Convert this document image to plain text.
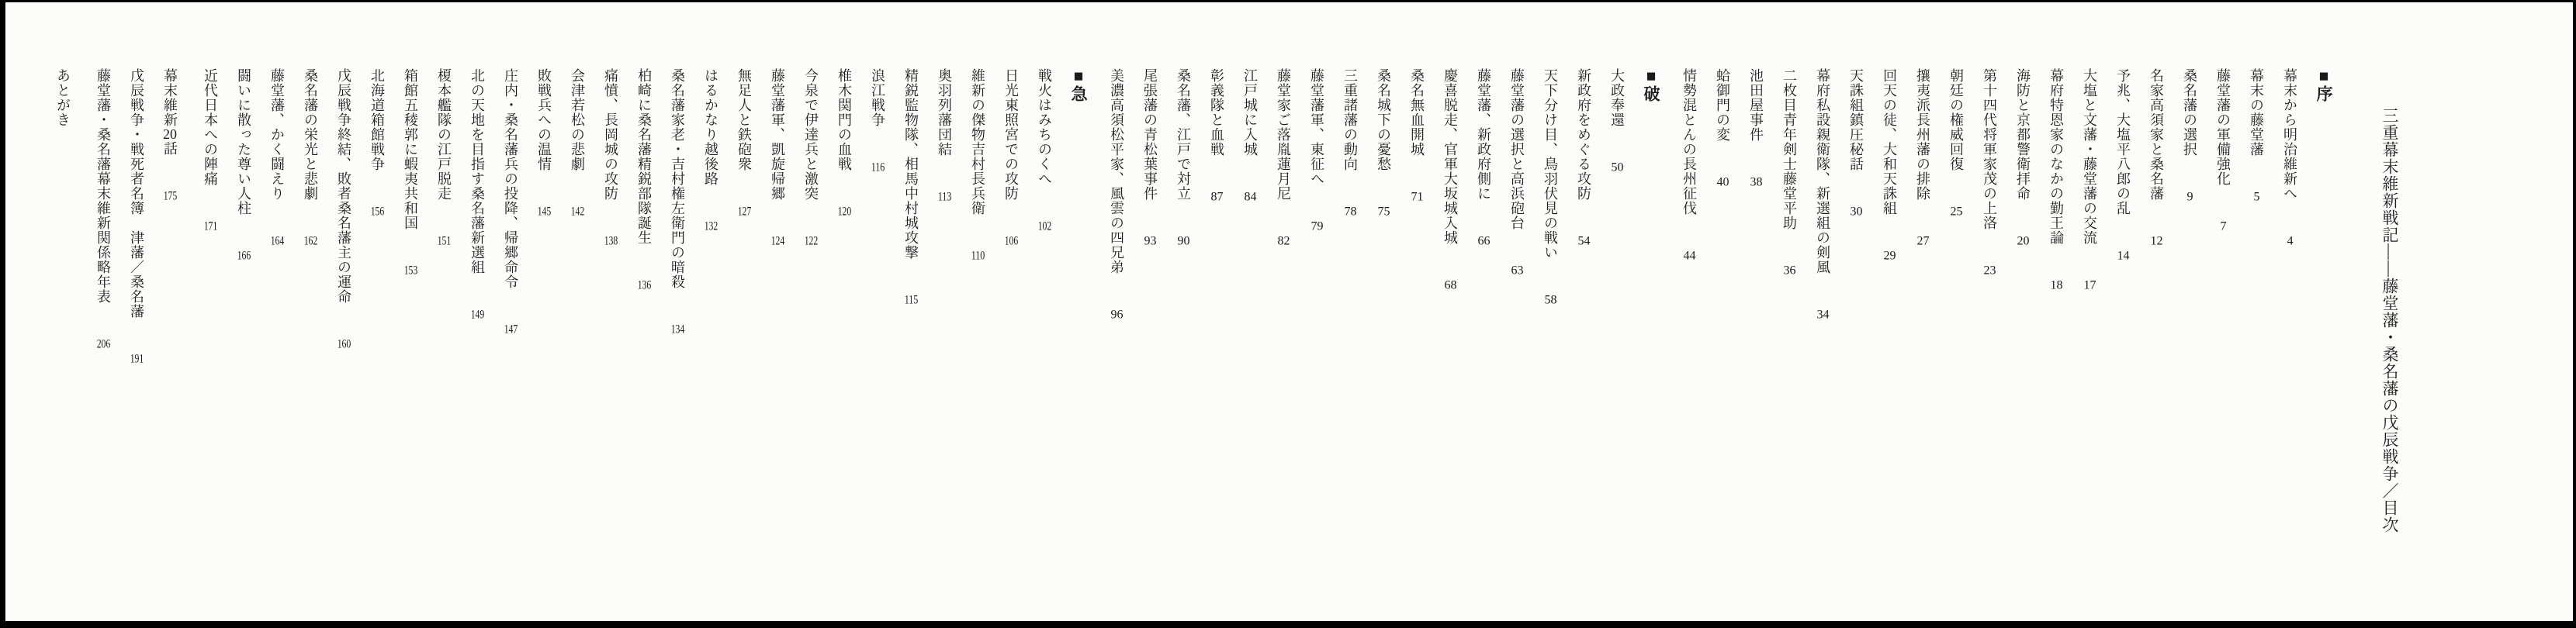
三重幕末維新戦記――藤堂藩・桑名藩の戊辰戦争／目次
■序
幕末から明治維新へ4
幕末の藤堂藩5
藤堂藩の軍備強化7
桑名藩の選択9
名家高須家と桑名藩12
予兆、大塩平八郎の乱14
大塩と文藩・藤堂藩の交流17
幕府特恩家のなかの勤王論18
海防と京都警衛拝命20
第十四代将軍家茂の上洛23
朝廷の権威回復25
攘夷派長州藩の排除27
回天の徒、大和天誅組29
天誅組鎮圧秘話30
幕府私設親衛隊、新選組の剣風34
二枚目青年剣士藤堂平助36
池田屋事件38
蛤御門の変40
情勢混とんの長州征伐44
■破
大政奉還50
新政府をめぐる攻防54
天下分け目、鳥羽伏見の戦い58
藤堂藩の選択と高浜砲台63
藤堂藩、新政府側に66
慶喜脱走、官軍大坂城入城68
桑名無血開城71
桑名城下の憂愁75
三重諸藩の動向78
藤堂藩軍、東征へ79
藤堂家ご落胤蓮月尼82
江戸城に入城84
彰義隊と血戦87
桑名藩、江戸で対立90
尾張藩の青松葉事件93
美濃高須松平家、風雲の四兄弟96
■急
戦火はみちのくへ102
日光東照宮での攻防106
維新の傑物吉村長兵衛110
奥羽列藩団結113
精鋭監物隊、相馬中村城攻撃115
浪江戦争116
椎木関門の血戦120
今泉で伊達兵と激突122
藤堂藩軍、凱旋帰郷124
無足人と鉄砲衆127
はるかなり越後路132
桑名藩家老・吉村権左衛門の暗殺134
柏崎に桑名藩精鋭部隊誕生136
痛憤、長岡城の攻防138
会津若松の悲劇142
敗戦兵への温情145
庄内・桑名藩兵の投降、帰郷命令147
北の天地を目指す桑名藩新選組149
榎本艦隊の江戸脱走151
箱館五稜郭に蝦夷共和国153
北海道箱館戦争156
戊辰戦争終結、敗者桑名藩主の運命160
桑名藩の栄光と悲劇162
藤堂藩、かく闘えり164
闘いに散った尊い人柱166
近代日本への陣痛171
幕末維新20話175
戊辰戦争・戦死者名簿　津藩／桑名藩191
藤堂藩・桑名藩幕末維新関係略年表206
あとがき
